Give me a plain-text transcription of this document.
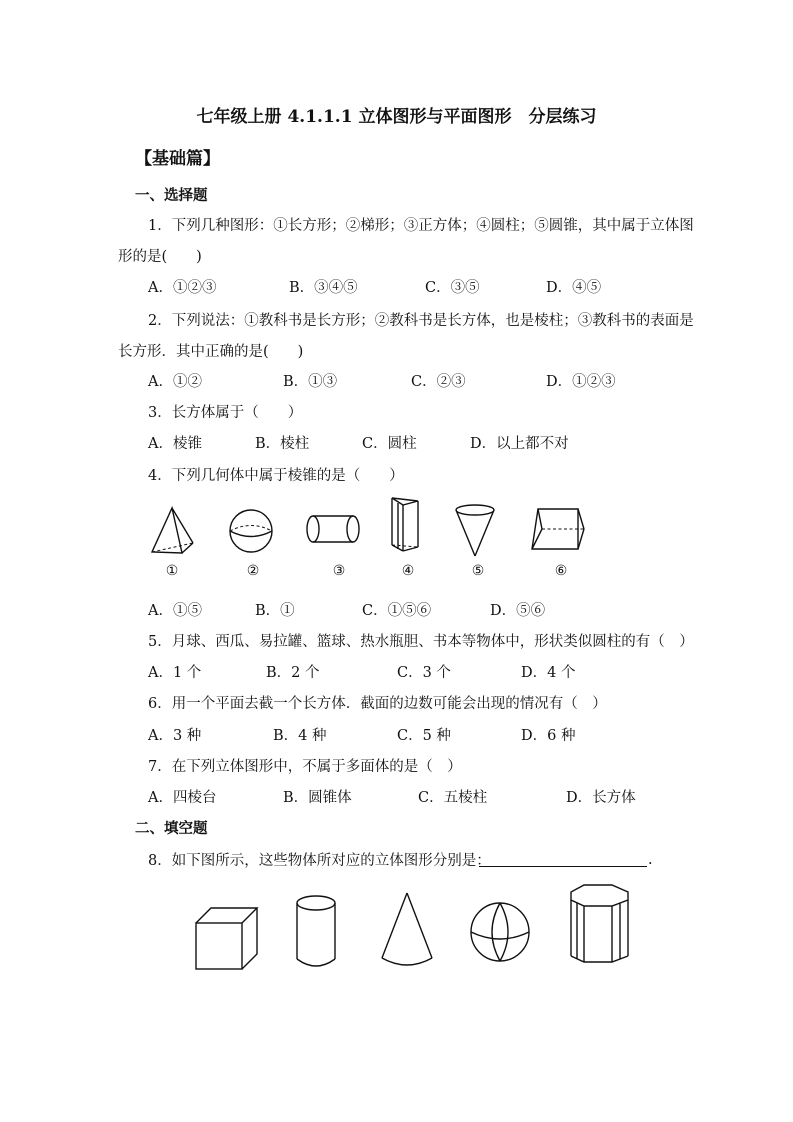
七年级上册 4.1.1.1 立体图形与平面图形　分层练习
【基础篇】
一、选择题
1．下列几种图形：①长方形；②梯形；③正方体；④圆柱；⑤圆锥，其中属于立体图
形的是(　　)
A．①②③	B．③④⑤	C．③⑤	D．④⑤
2．下列说法：①教科书是长方形；②教科书是长方体，也是棱柱；③教科书的表面是
长方形．其中正确的是(　　)
A．①②	B．①③	C．②③	D．①②③
3．长方体属于（　　）
A．棱锥	B．棱柱	C．圆柱	D．以上都不对
4．下列几何体中属于棱锥的是（　　）
①	②	③	④	⑤	⑥
A．①⑤	B．①	C．①⑤⑥	D．⑤⑥
5．月球、西瓜、易拉罐、篮球、热水瓶胆、书本等物体中，形状类似圆柱的有（　）
A．1 个	B．2 个	C．3 个	D．4 个
6．用一个平面去截一个长方体．截面的边数可能会出现的情况有（　）
A．3 种	B．4 种	C．5 种	D．6 种
7．在下列立体图形中，不属于多面体的是（　）
A．四棱台	B．圆锥体	C．五棱柱	D．长方体
二、填空题
8．如下图所示，这些物体所对应的立体图形分别是：	.
